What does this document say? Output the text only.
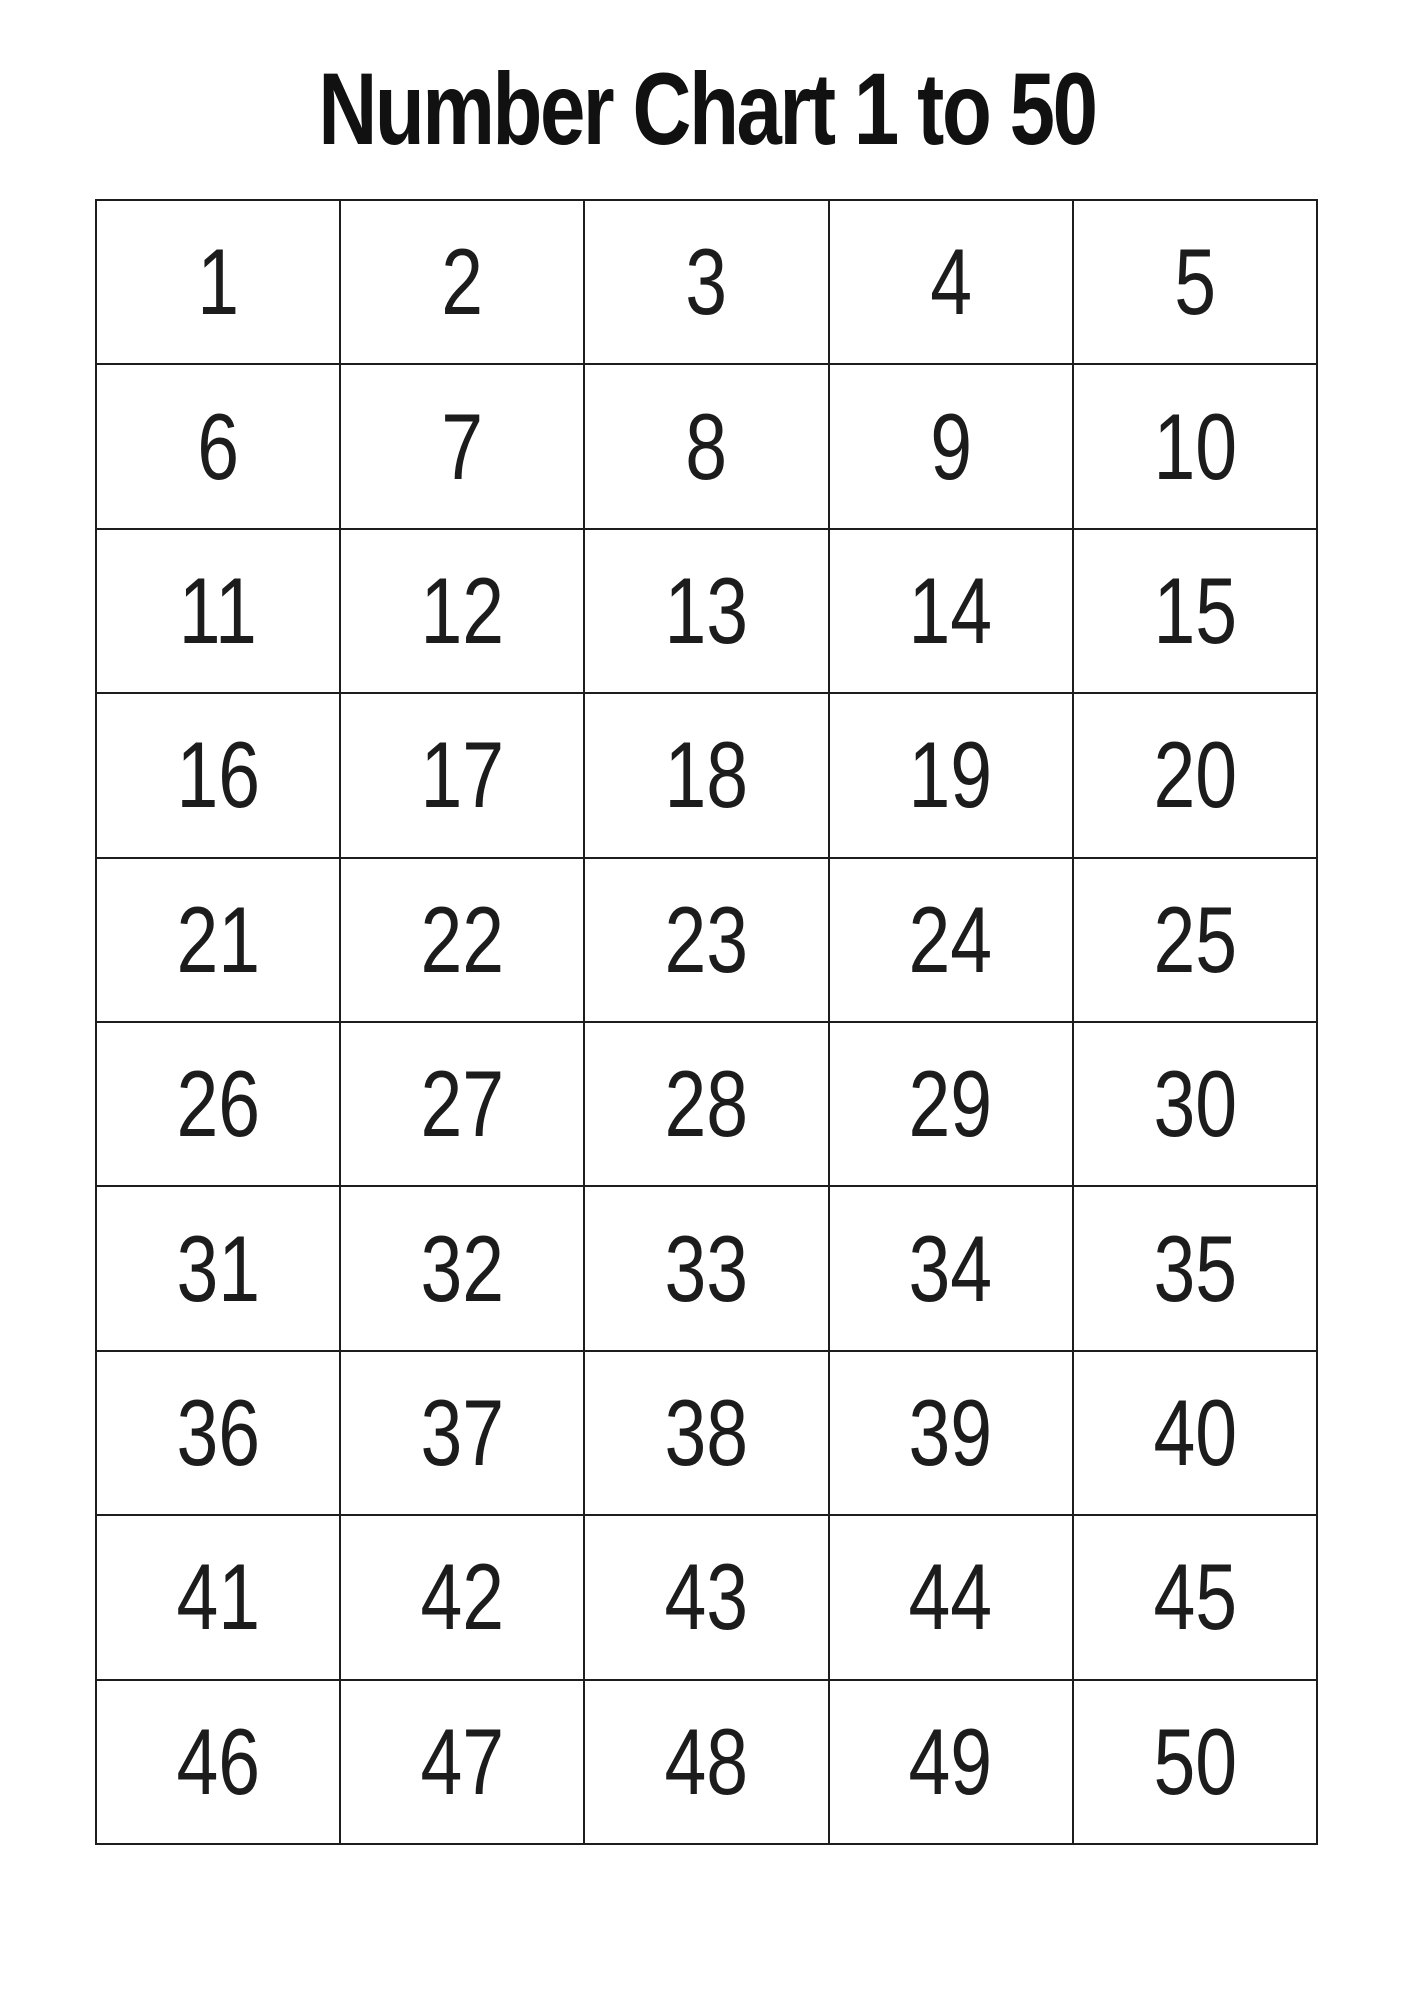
Number Chart 1 to 50
1	2	3	4	5
6	7	8	9	10
11	12	13	14	15
16	17	18	19	20
21	22	23	24	25
26	27	28	29	30
31	32	33	34	35
36	37	38	39	40
41	42	43	44	45
46	47	48	49	50
